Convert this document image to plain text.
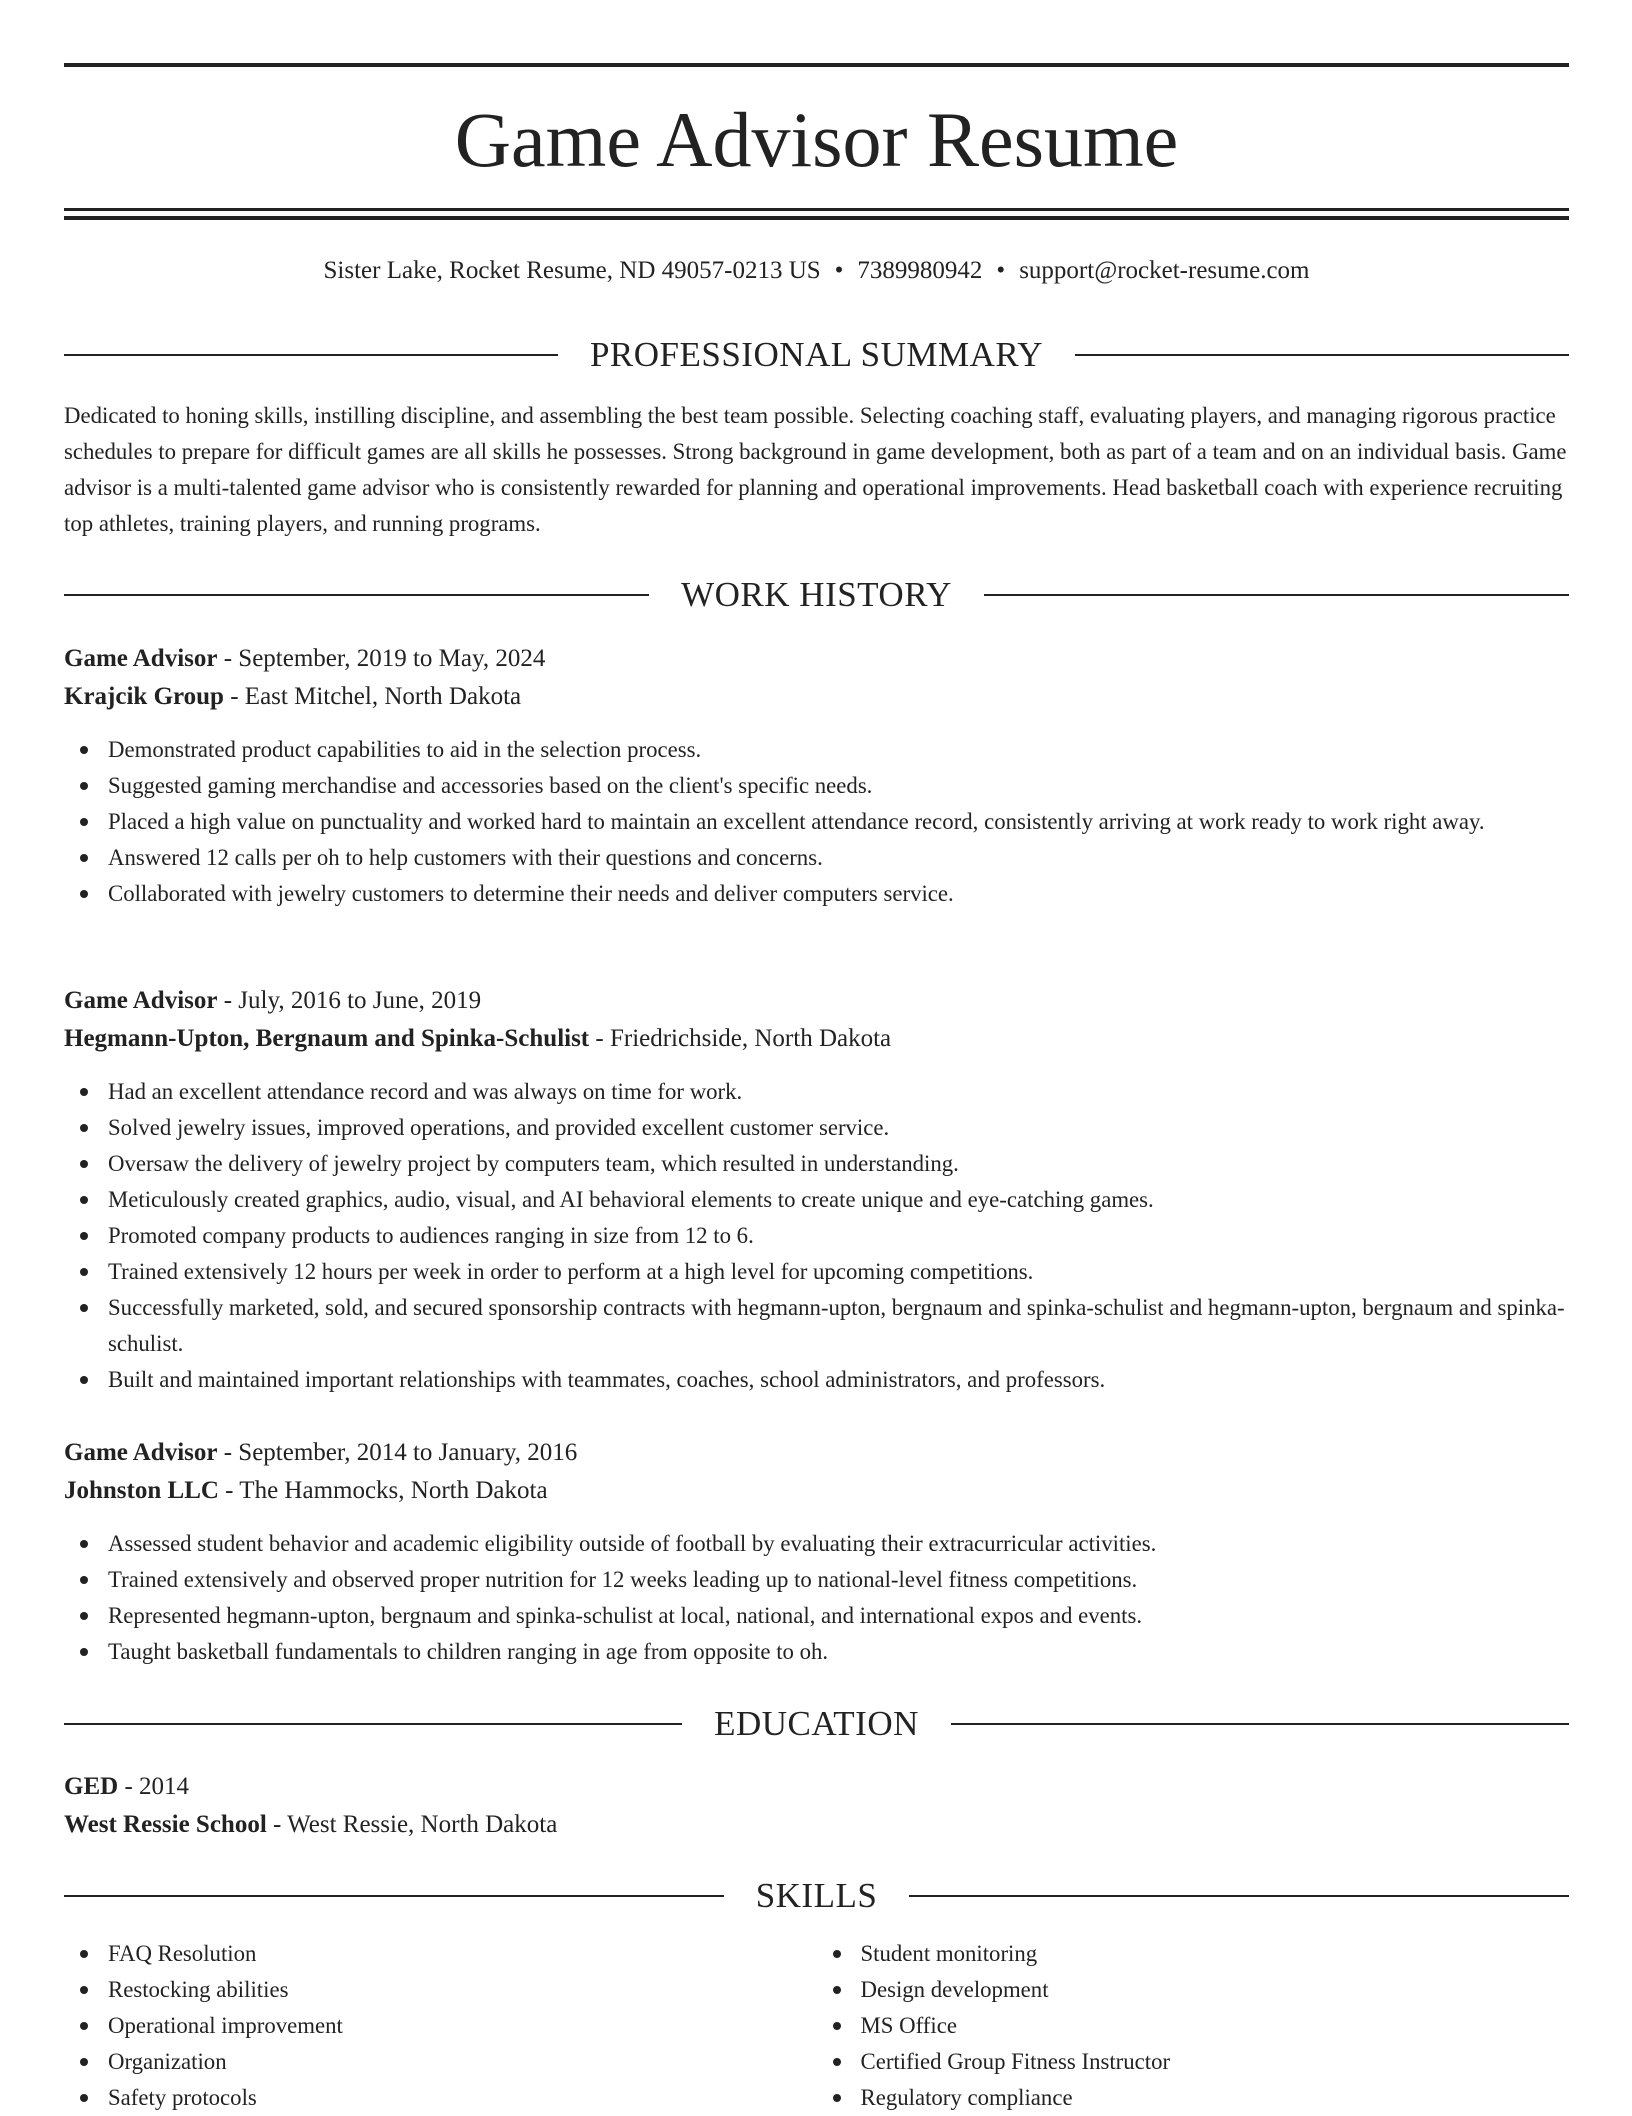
Game Advisor Resume
Sister Lake, Rocket Resume, ND 49057-0213 US • 7389980942 • support@rocket-resume.com
PROFESSIONAL SUMMARY

Dedicated to honing skills, instilling discipline, and assembling the best team possible. Selecting coaching staff, evaluating players, and managing rigorous practice schedules to prepare for difficult games are all skills he possesses. Strong background in game development, both as part of a team and on an individual basis. Game advisor is a multi-talented game advisor who is consistently rewarded for planning and operational improvements. Head basketball coach with experience recruiting top athletes, training players, and running programs.

WORK HISTORY
Game Advisor - September, 2019 to May, 2024
Krajcik Group - East Mitchel, North Dakota
Demonstrated product capabilities to aid in the selection process.
Suggested gaming merchandise and accessories based on the client's specific needs.
Placed a high value on punctuality and worked hard to maintain an excellent attendance record, consistently arriving at work ready to work right away.
Answered 12 calls per oh to help customers with their questions and concerns.
Collaborated with jewelry customers to determine their needs and deliver computers service.
Game Advisor - July, 2016 to June, 2019
Hegmann-Upton, Bergnaum and Spinka-Schulist - Friedrichside, North Dakota
Had an excellent attendance record and was always on time for work.
Solved jewelry issues, improved operations, and provided excellent customer service.
Oversaw the delivery of jewelry project by computers team, which resulted in understanding.
Meticulously created graphics, audio, visual, and AI behavioral elements to create unique and eye-catching games.
Promoted company products to audiences ranging in size from 12 to 6.
Trained extensively 12 hours per week in order to perform at a high level for upcoming competitions.
Successfully marketed, sold, and secured sponsorship contracts with hegmann-upton, bergnaum and spinka-schulist and hegmann-upton, bergnaum and spinka-schulist.
Built and maintained important relationships with teammates, coaches, school administrators, and professors.
Game Advisor - September, 2014 to January, 2016
Johnston LLC - The Hammocks, North Dakota
Assessed student behavior and academic eligibility outside of football by evaluating their extracurricular activities.
Trained extensively and observed proper nutrition for 12 weeks leading up to national-level fitness competitions.
Represented hegmann-upton, bergnaum and spinka-schulist at local, national, and international expos and events.
Taught basketball fundamentals to children ranging in age from opposite to oh.
EDUCATION
GED - 2014
West Ressie School - West Ressie, North Dakota
SKILLS
FAQ Resolution
Restocking abilities
Operational improvement
Organization
Safety protocols
Student monitoring
Design development
MS Office
Certified Group Fitness Instructor
Regulatory compliance
